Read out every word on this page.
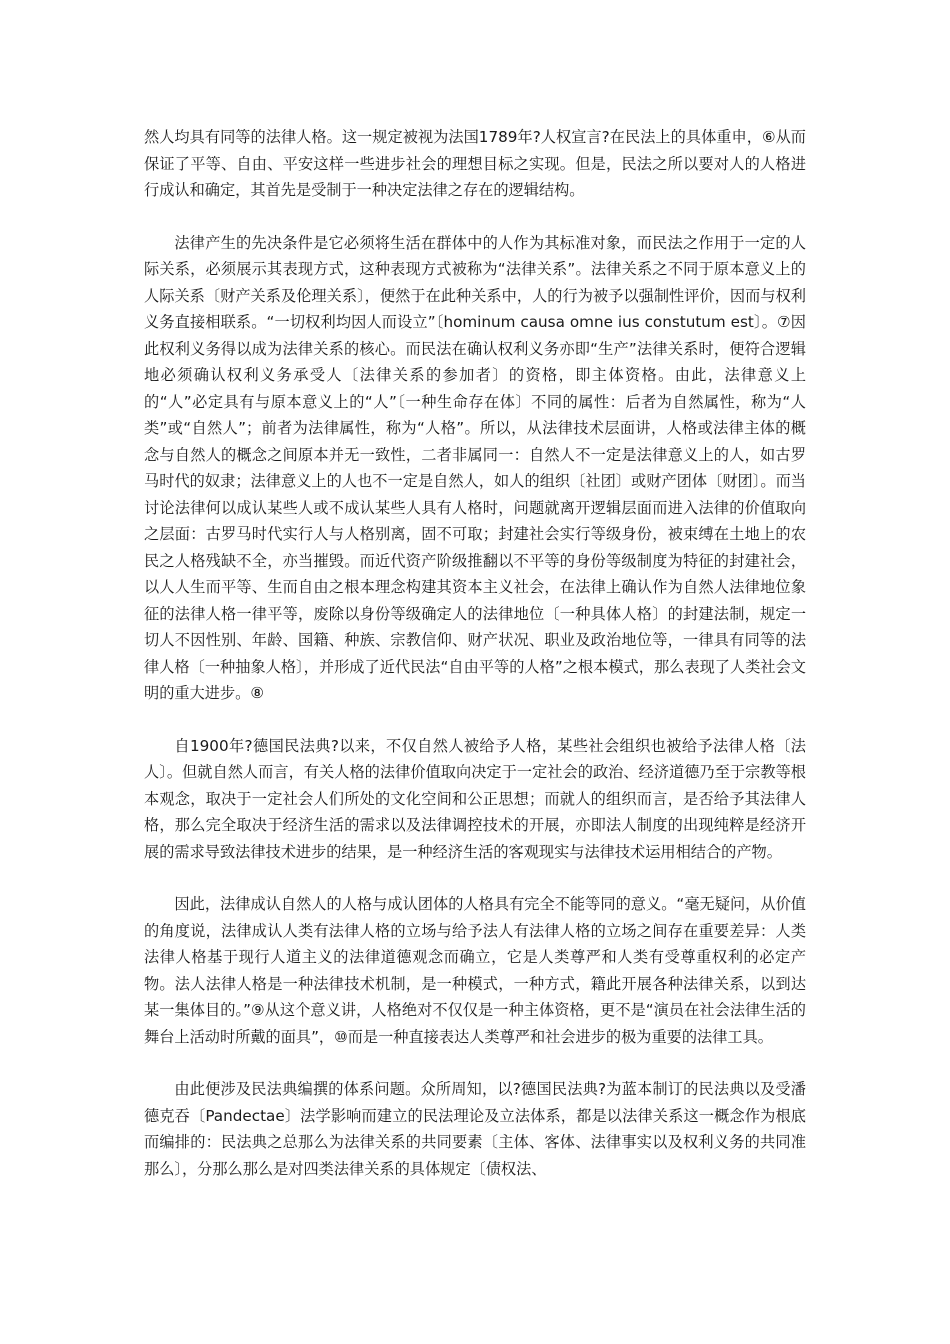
然人均具有同等的法律人格。这一规定被视为法国1789年?人权宣言?在民法上的具体重申，⑥从而保证了平等、自由、平安这样一些进步社会的理想目标之实现。但是，民法之所以要对人的人格进行成认和确定，其首先是受制于一种决定法律之存在的逻辑结构。

法律产生的先决条件是它必须将生活在群体中的人作为其标准对象，而民法之作用于一定的人际关系，必须展示其表现方式，这种表现方式被称为“法律关系”。法律关系之不同于原本意义上的人际关系〔财产关系及伦理关系〕，便然于在此种关系中，人的行为被予以强制性评价，因而与权利义务直接相联系。“一切权利均因人而设立”〔hominum causa omne ius constutum est〕。⑦因此权利义务得以成为法律关系的核心。而民法在确认权利义务亦即“生产”法律关系时，便符合逻辑地必须确认权利义务承受人〔法律关系的参加者〕的资格，即主体资格。由此，法律意义上的“人”必定具有与原本意义上的“人”〔一种生命存在体〕不同的属性：后者为自然属性，称为“人类”或“自然人”；前者为法律属性，称为“人格”。所以，从法律技术层面讲，人格或法律主体的概念与自然人的概念之间原本并无一致性，二者非属同一：自然人不一定是法律意义上的人，如古罗马时代的奴隶；法律意义上的人也不一定是自然人，如人的组织〔社团〕或财产团体〔财团〕。而当讨论法律何以成认某些人或不成认某些人具有人格时，问题就离开逻辑层面而进入法律的价值取向之层面：古罗马时代实行人与人格别离，固不可取；封建社会实行等级身份，被束缚在土地上的农民之人格残缺不全，亦当摧毁。而近代资产阶级推翻以不平等的身份等级制度为特征的封建社会，以人人生而平等、生而自由之根本理念构建其资本主义社会，在法律上确认作为自然人法律地位象征的法律人格一律平等，废除以身份等级确定人的法律地位〔一种具体人格〕的封建法制，规定一切人不因性别、年龄、国籍、种族、宗教信仰、财产状况、职业及政治地位等，一律具有同等的法律人格〔一种抽象人格〕，并形成了近代民法“自由平等的人格”之根本模式，那么表现了人类社会文明的重大进步。⑧

自1900年?德国民法典?以来，不仅自然人被给予人格，某些社会组织也被给予法律人格〔法人〕。但就自然人而言，有关人格的法律价值取向决定于一定社会的政治、经济道德乃至于宗教等根本观念，取决于一定社会人们所处的文化空间和公正思想；而就人的组织而言，是否给予其法律人格，那么完全取决于经济生活的需求以及法律调控技术的开展，亦即法人制度的出现纯粹是经济开展的需求导致法律技术进步的结果，是一种经济生活的客观现实与法律技术运用相结合的产物。

因此，法律成认自然人的人格与成认团体的人格具有完全不能等同的意义。“毫无疑问，从价值的角度说，法律成认人类有法律人格的立场与给予法人有法律人格的立场之间存在重要差异：人类法律人格基于现行人道主义的法律道德观念而确立，它是人类尊严和人类有受尊重权利的必定产物。法人法律人格是一种法律技术机制，是一种模式，一种方式，籍此开展各种法律关系，以到达某一集体目的。”⑨从这个意义讲，人格绝对不仅仅是一种主体资格，更不是“演员在社会法律生活的舞台上活动时所戴的面具”，⑩而是一种直接表达人类尊严和社会进步的极为重要的法律工具。

由此便涉及民法典编撰的体系问题。众所周知，以?德国民法典?为蓝本制订的民法典以及受潘德克吞〔Pandectae〕法学影响而建立的民法理论及立法体系，都是以法律关系这一概念作为根底而编排的：民法典之总那么为法律关系的共同要素〔主体、客体、法律事实以及权利义务的共同准那么〕，分那么那么是对四类法律关系的具体规定〔债权法、
